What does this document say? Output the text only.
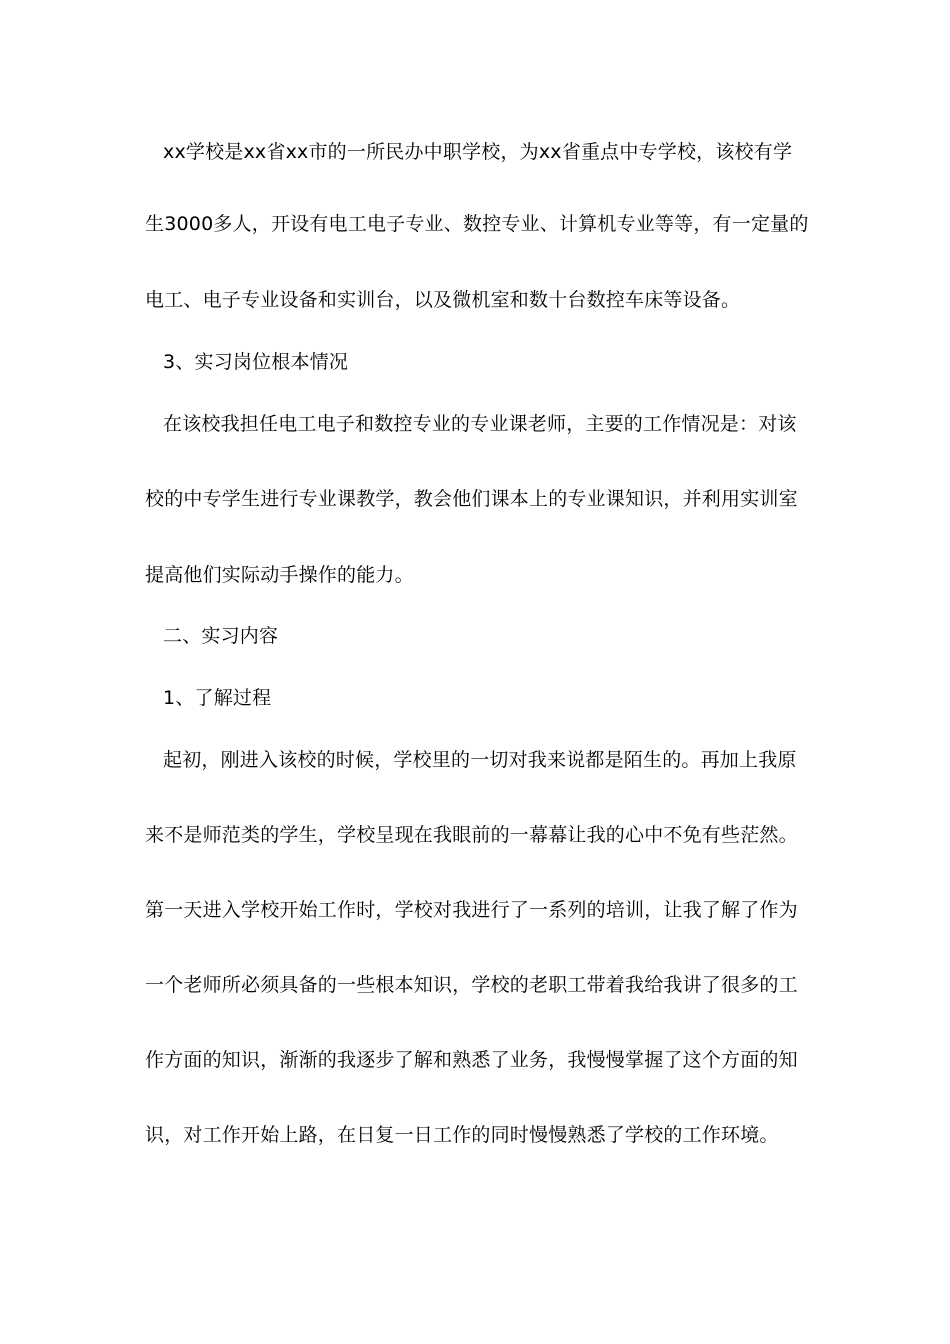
xx学校是xx省xx市的一所民办中职学校，为xx省重点中专学校，该校有学
生3000多人，开设有电工电子专业、数控专业、计算机专业等等，有一定量的
电工、电子专业设备和实训台，以及微机室和数十台数控车床等设备。
3、实习岗位根本情况
在该校我担任电工电子和数控专业的专业课老师，主要的工作情况是：对该
校的中专学生进行专业课教学，教会他们课本上的专业课知识，并利用实训室
提高他们实际动手操作的能力。
二、实习内容
1、了解过程
起初，刚进入该校的时候，学校里的一切对我来说都是陌生的。再加上我原
来不是师范类的学生，学校呈现在我眼前的一幕幕让我的心中不免有些茫然。
第一天进入学校开始工作时，学校对我进行了一系列的培训，让我了解了作为
一个老师所必须具备的一些根本知识，学校的老职工带着我给我讲了很多的工
作方面的知识，渐渐的我逐步了解和熟悉了业务，我慢慢掌握了这个方面的知
识，对工作开始上路，在日复一日工作的同时慢慢熟悉了学校的工作环境。
